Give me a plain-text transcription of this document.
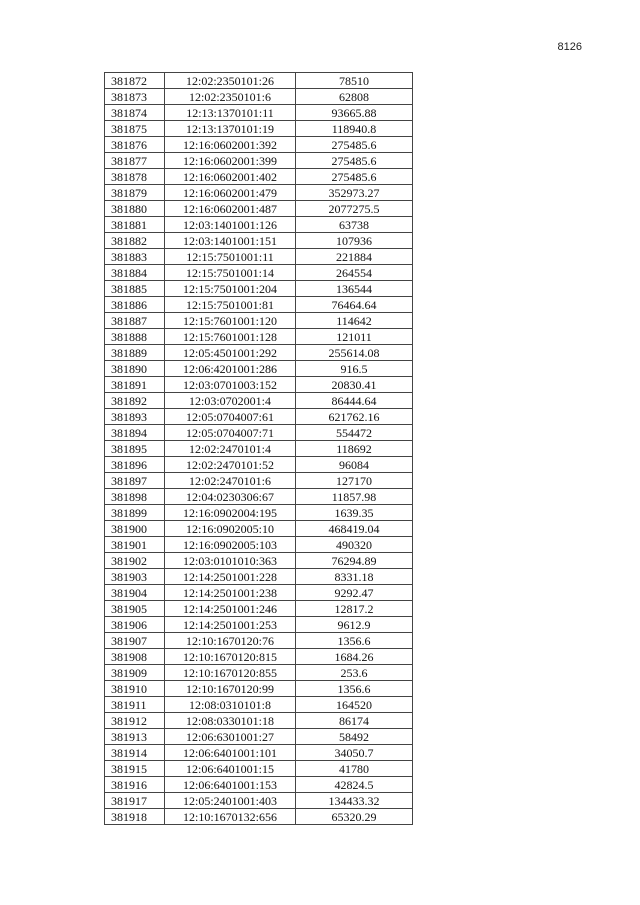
8126
381872	12:02:2350101:26	78510
381873	12:02:2350101:6	62808
381874	12:13:1370101:11	93665.88
381875	12:13:1370101:19	118940.8
381876	12:16:0602001:392	275485.6
381877	12:16:0602001:399	275485.6
381878	12:16:0602001:402	275485.6
381879	12:16:0602001:479	352973.27
381880	12:16:0602001:487	2077275.5
381881	12:03:1401001:126	63738
381882	12:03:1401001:151	107936
381883	12:15:7501001:11	221884
381884	12:15:7501001:14	264554
381885	12:15:7501001:204	136544
381886	12:15:7501001:81	76464.64
381887	12:15:7601001:120	114642
381888	12:15:7601001:128	121011
381889	12:05:4501001:292	255614.08
381890	12:06:4201001:286	916.5
381891	12:03:0701003:152	20830.41
381892	12:03:0702001:4	86444.64
381893	12:05:0704007:61	621762.16
381894	12:05:0704007:71	554472
381895	12:02:2470101:4	118692
381896	12:02:2470101:52	96084
381897	12:02:2470101:6	127170
381898	12:04:0230306:67	11857.98
381899	12:16:0902004:195	1639.35
381900	12:16:0902005:10	468419.04
381901	12:16:0902005:103	490320
381902	12:03:0101010:363	76294.89
381903	12:14:2501001:228	8331.18
381904	12:14:2501001:238	9292.47
381905	12:14:2501001:246	12817.2
381906	12:14:2501001:253	9612.9
381907	12:10:1670120:76	1356.6
381908	12:10:1670120:815	1684.26
381909	12:10:1670120:855	253.6
381910	12:10:1670120:99	1356.6
381911	12:08:0310101:8	164520
381912	12:08:0330101:18	86174
381913	12:06:6301001:27	58492
381914	12:06:6401001:101	34050.7
381915	12:06:6401001:15	41780
381916	12:06:6401001:153	42824.5
381917	12:05:2401001:403	134433.32
381918	12:10:1670132:656	65320.29
